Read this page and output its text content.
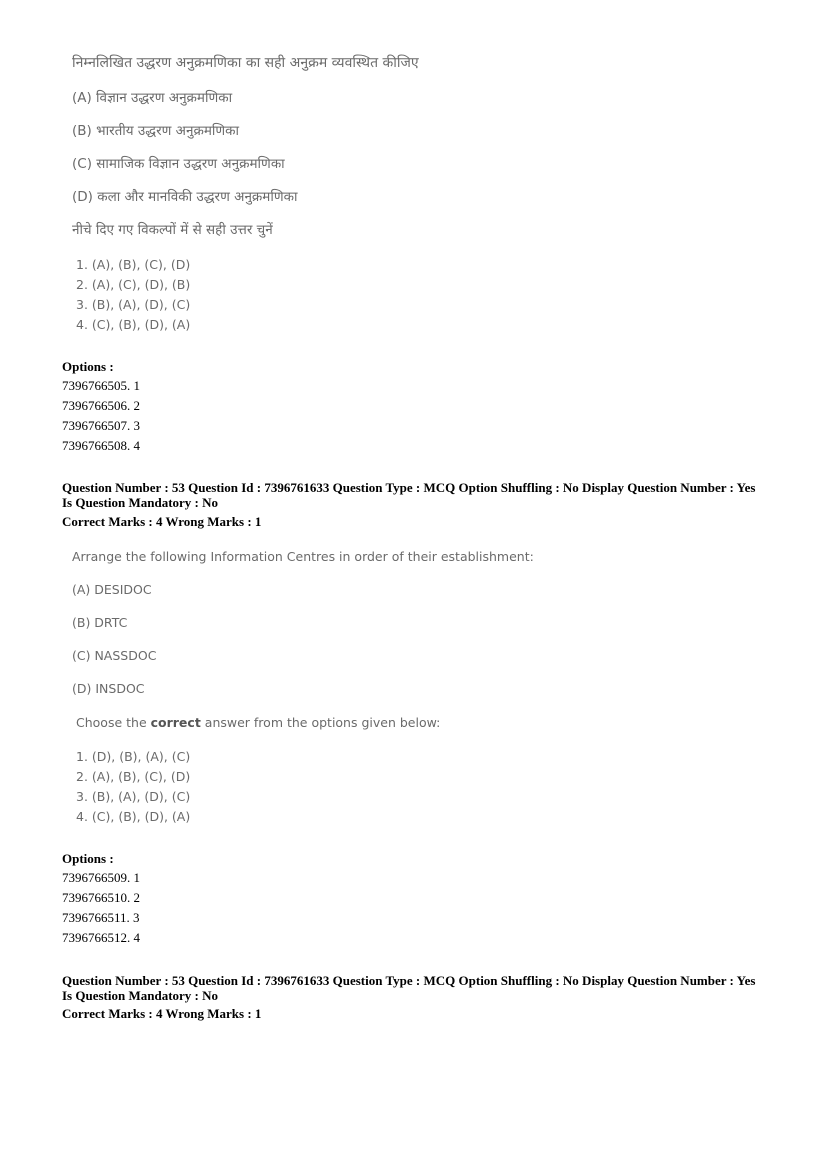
निम्नलिखित उद्धरण अनुक्रमणिका का सही अनुक्रम व्यवस्थित कीजिए
(A) विज्ञान उद्धरण अनुक्रमणिका
(B) भारतीय उद्धरण अनुक्रमणिका
(C) सामाजिक विज्ञान उद्धरण अनुक्रमणिका
(D) कला और मानविकी उद्धरण अनुक्रमणिका
नीचे दिए गए विकल्पों में से सही उत्तर चुनें
1. (A), (B), (C), (D)
2. (A), (C), (D), (B)
3. (B), (A), (D), (C)
4. (C), (B), (D), (A)
Options :
7396766505. 1
7396766506. 2
7396766507. 3
7396766508. 4
Question Number : 53 Question Id : 7396761633 Question Type : MCQ Option Shuffling : No Display Question Number : Yes
Is Question Mandatory : No
Correct Marks : 4 Wrong Marks : 1
Arrange the following Information Centres in order of their establishment:
(A) DESIDOC
(B) DRTC
(C) NASSDOC
(D) INSDOC
Choose the correct answer from the options given below:
1. (D), (B), (A), (C)
2. (A), (B), (C), (D)
3. (B), (A), (D), (C)
4. (C), (B), (D), (A)
Options :
7396766509. 1
7396766510. 2
7396766511. 3
7396766512. 4
Question Number : 53 Question Id : 7396761633 Question Type : MCQ Option Shuffling : No Display Question Number : Yes
Is Question Mandatory : No
Correct Marks : 4 Wrong Marks : 1
